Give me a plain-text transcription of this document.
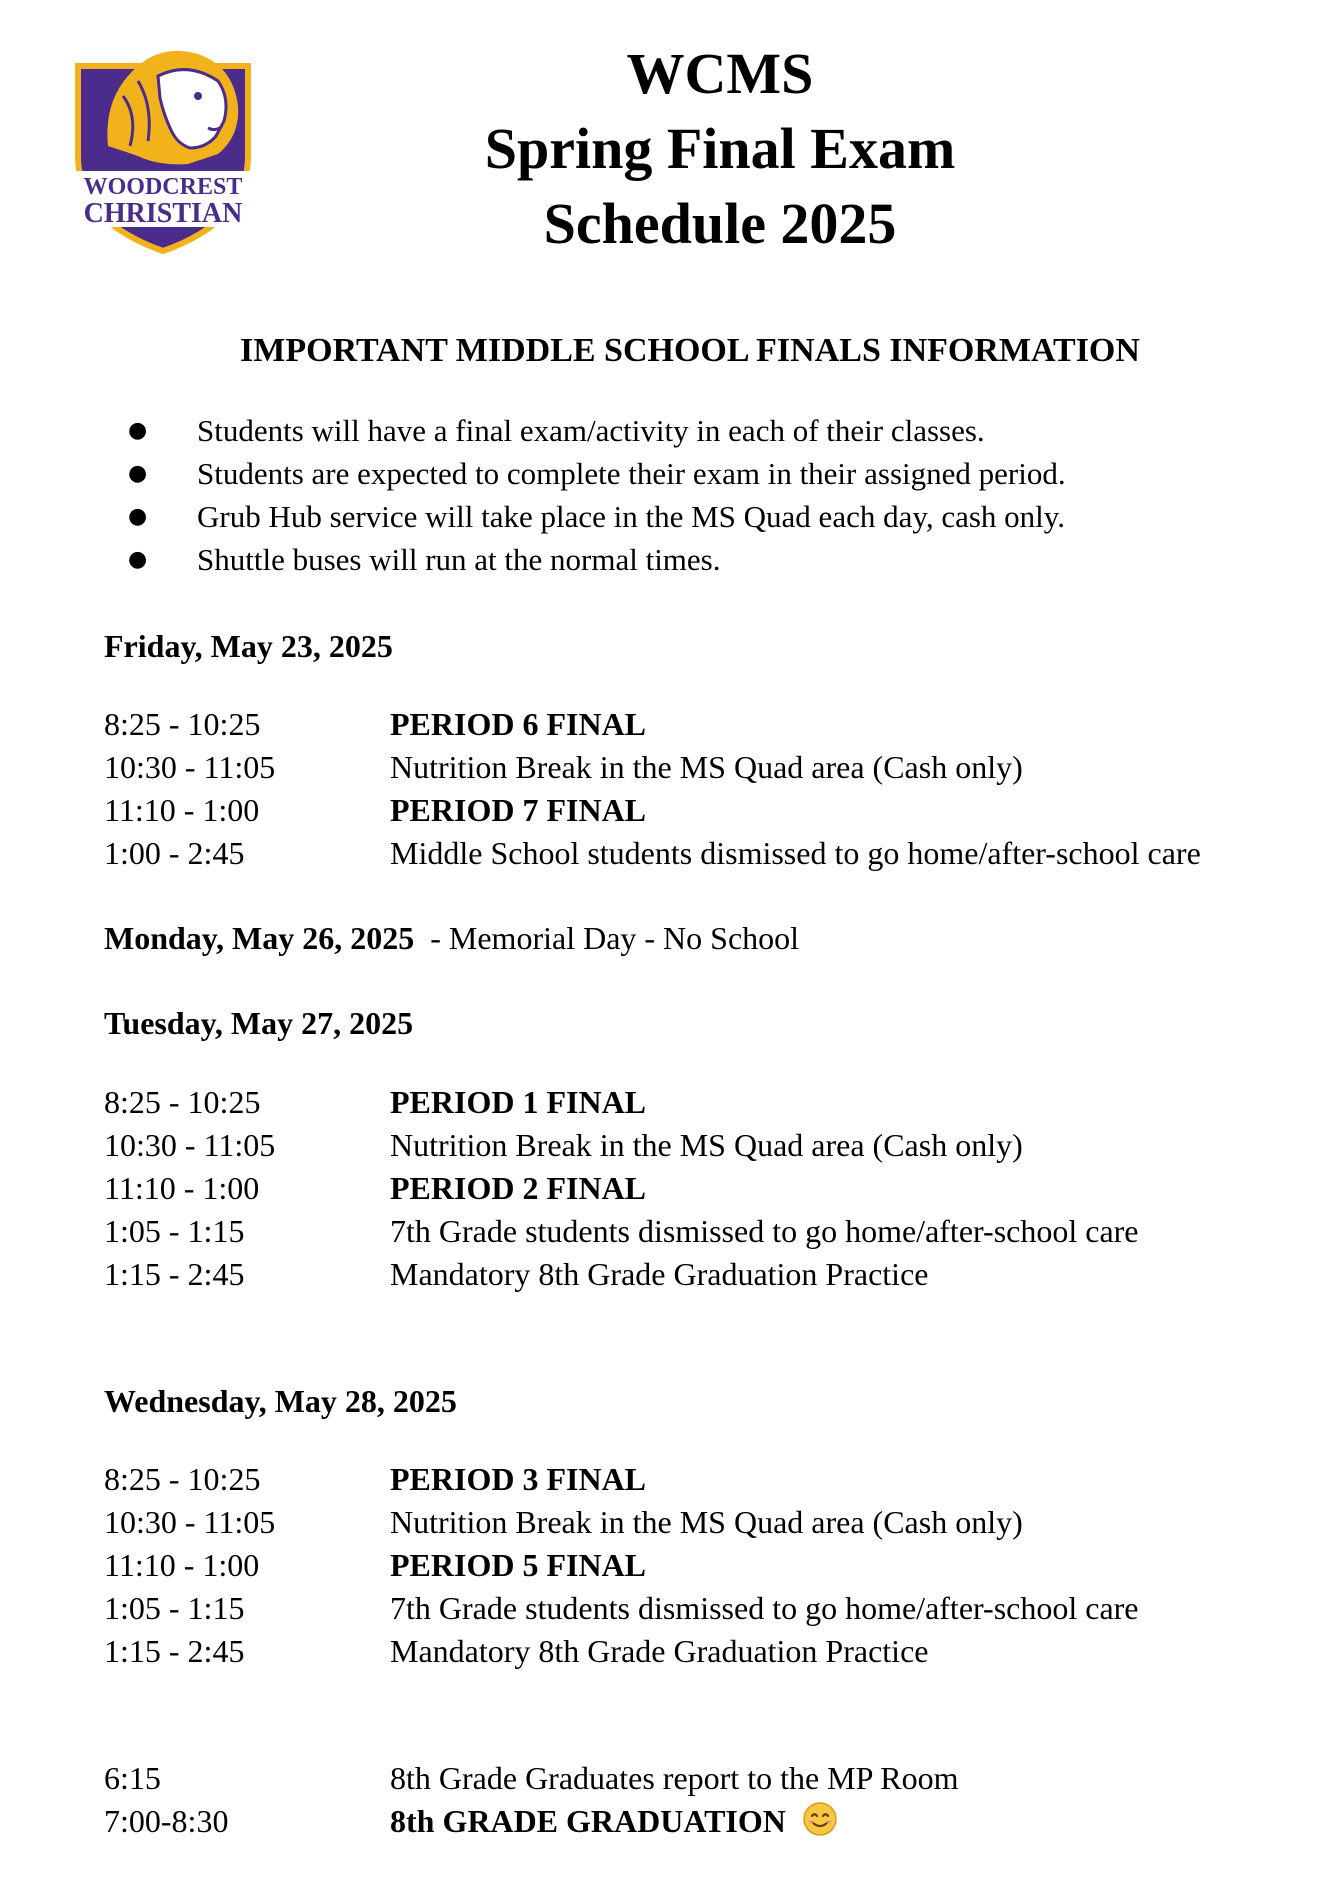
WOODCREST
CHRISTIAN
WCMS
Spring Final Exam
Schedule 2025
IMPORTANT MIDDLE SCHOOL FINALS INFORMATION
● Students will have a final exam/activity in each of their classes.
● Students are expected to complete their exam in their assigned period.
● Grub Hub service will take place in the MS Quad each day, cash only.
● Shuttle buses will run at the normal times.
Friday, May 23, 2025
8:25 - 10:25	PERIOD 6 FINAL
10:30 - 11:05	Nutrition Break in the MS Quad area (Cash only)
11:10 - 1:00	PERIOD 7 FINAL
1:00 - 2:45	Middle School students dismissed to go home/after-school care
Monday, May 26, 2025 - Memorial Day - No School
Tuesday, May 27, 2025
8:25 - 10:25	PERIOD 1 FINAL
10:30 - 11:05	Nutrition Break in the MS Quad area (Cash only)
11:10 - 1:00	PERIOD 2 FINAL
1:05 - 1:15	7th Grade students dismissed to go home/after-school care
1:15 - 2:45	Mandatory 8th Grade Graduation Practice
Wednesday, May 28, 2025
8:25 - 10:25	PERIOD 3 FINAL
10:30 - 11:05	Nutrition Break in the MS Quad area (Cash only)
11:10 - 1:00	PERIOD 5 FINAL
1:05 - 1:15	7th Grade students dismissed to go home/after-school care
1:15 - 2:45	Mandatory 8th Grade Graduation Practice
6:15	8th Grade Graduates report to the MP Room
7:00-8:30	8th GRADE GRADUATION
